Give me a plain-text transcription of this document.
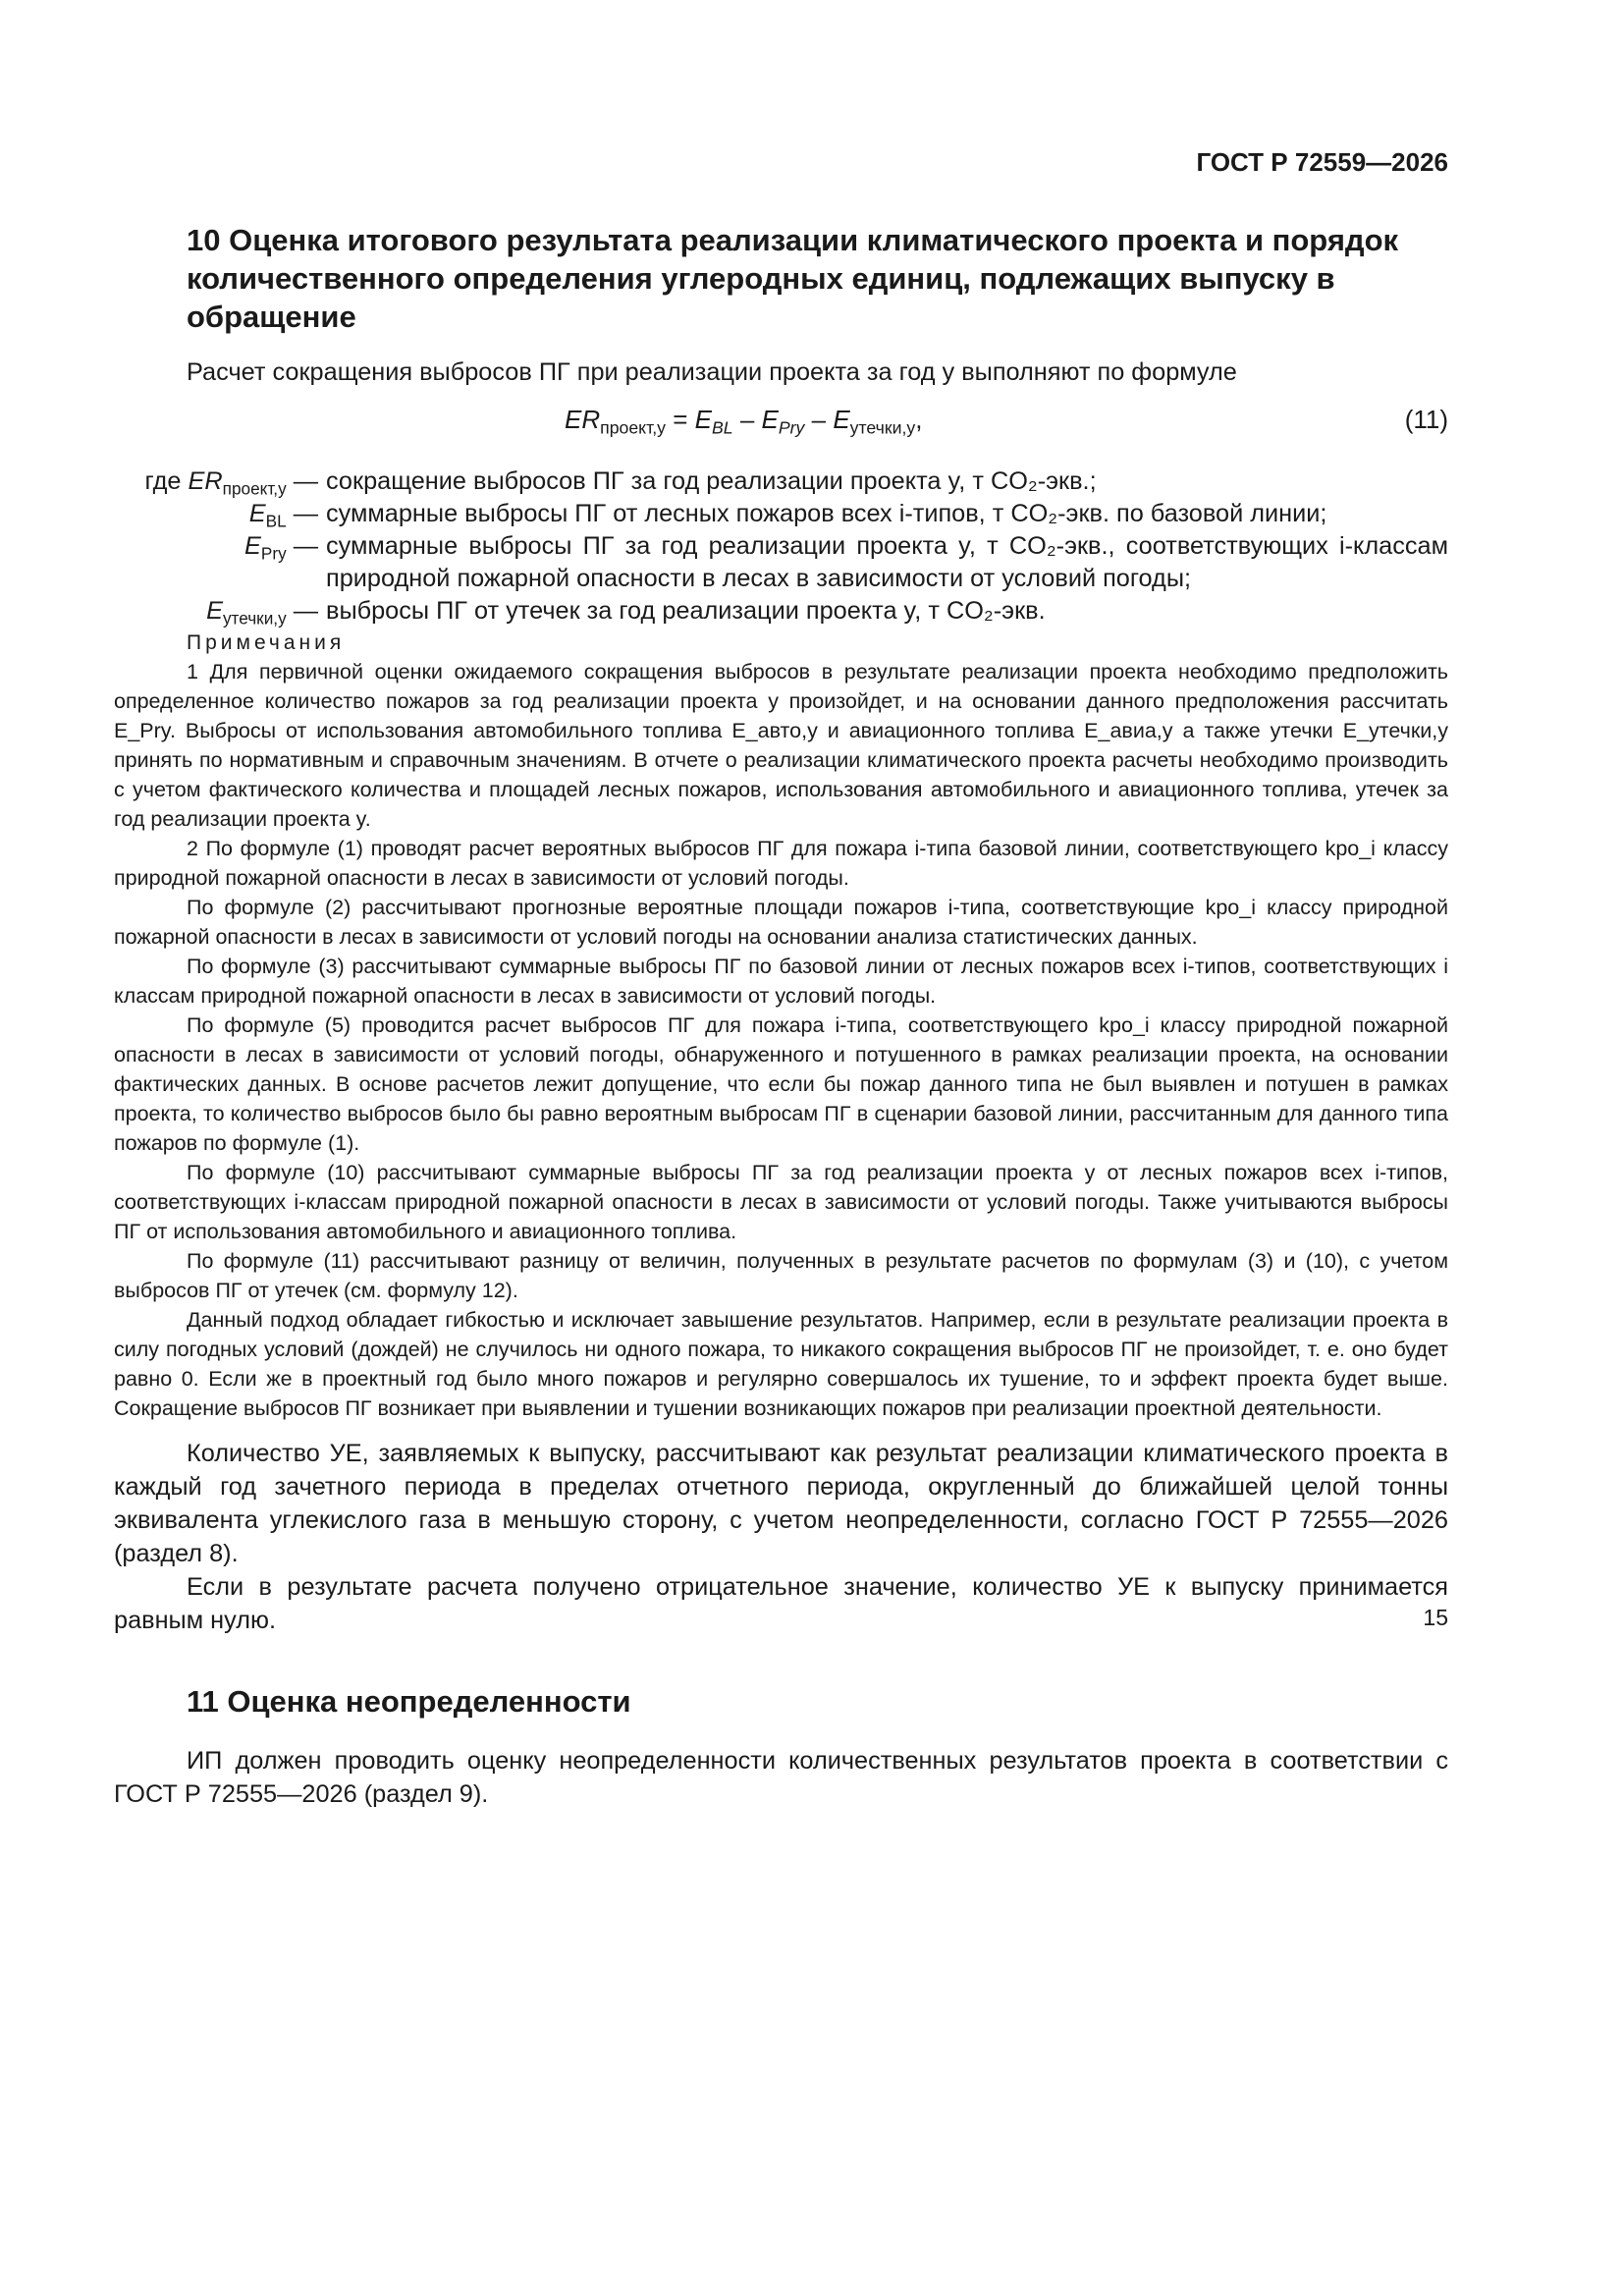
ГОСТ Р 72559—2026
10 Оценка итогового результата реализации климатического проекта и порядок количественного определения углеродных единиц, подлежащих выпуску в обращение

Расчет сокращения выбросов ПГ при реализации проекта за год y выполняют по формуле

$ER_{проект,y} = E_{BL} - E_{Pry} - E_{утечки,y}$,	(11)
где $ER_{проект,y}$ — сокращение выбросов ПГ за год реализации проекта y, т CO₂-экв.;
$E_{BL}$ — суммарные выбросы ПГ от лесных пожаров всех i-типов, т CO₂-экв. по базовой линии;
$E_{Pry}$ — суммарные выбросы ПГ за год реализации проекта y, т CO₂-экв., соответствующих i-классам природной пожарной опасности в лесах в зависимости от условий погоды;
$E_{утечки,y}$ — выбросы ПГ от утечек за год реализации проекта y, т CO₂-экв.
Примечания

1 Для первичной оценки ожидаемого сокращения выбросов в результате реализации проекта необходимо предположить определенное количество пожаров за год реализации проекта у произойдет, и на основании данного предположения рассчитать E_Pry. Выбросы от использования автомобильного топлива E_авто,y и авиационного топлива E_авиа,y а также утечки E_утечки,y принять по нормативным и справочным значениям. В отчете о реализации климатического проекта расчеты необходимо производить с учетом фактического количества и площадей лесных пожаров, использования автомобильного и авиационного топлива, утечек за год реализации проекта y.

2 По формуле (1) проводят расчет вероятных выбросов ПГ для пожара i-типа базовой линии, соответствующего kpo_i классу природной пожарной опасности в лесах в зависимости от условий погоды.

По формуле (2) рассчитывают прогнозные вероятные площади пожаров i-типа, соответствующие kpo_i классу природной пожарной опасности в лесах в зависимости от условий погоды на основании анализа статистических данных.

По формуле (3) рассчитывают суммарные выбросы ПГ по базовой линии от лесных пожаров всех i-типов, соответствующих i классам природной пожарной опасности в лесах в зависимости от условий погоды.

По формуле (5) проводится расчет выбросов ПГ для пожара i-типа, соответствующего kpo_i классу природной пожарной опасности в лесах в зависимости от условий погоды, обнаруженного и потушенного в рамках реализации проекта, на основании фактических данных. В основе расчетов лежит допущение, что если бы пожар данного типа не был выявлен и потушен в рамках проекта, то количество выбросов было бы равно вероятным выбросам ПГ в сценарии базовой линии, рассчитанным для данного типа пожаров по формуле (1).

По формуле (10) рассчитывают суммарные выбросы ПГ за год реализации проекта y от лесных пожаров всех i-типов, соответствующих i-классам природной пожарной опасности в лесах в зависимости от условий погоды. Также учитываются выбросы ПГ от использования автомобильного и авиационного топлива.

По формуле (11) рассчитывают разницу от величин, полученных в результате расчетов по формулам (3) и (10), с учетом выбросов ПГ от утечек (см. формулу 12).

Данный подход обладает гибкостью и исключает завышение результатов. Например, если в результате реализации проекта в силу погодных условий (дождей) не случилось ни одного пожара, то никакого сокращения выбросов ПГ не произойдет, т. е. оно будет равно 0. Если же в проектный год было много пожаров и регулярно совершалось их тушение, то и эффект проекта будет выше. Сокращение выбросов ПГ возникает при выявлении и тушении возникающих пожаров при реализации проектной деятельности.

Количество УЕ, заявляемых к выпуску, рассчитывают как результат реализации климатического проекта в каждый год зачетного периода в пределах отчетного периода, округленный до ближайшей целой тонны эквивалента углекислого газа в меньшую сторону, с учетом неопределенности, согласно ГОСТ Р 72555—2026 (раздел 8).

Если в результате расчета получено отрицательное значение, количество УЕ к выпуску принимается равным нулю.

11 Оценка неопределенности

ИП должен проводить оценку неопределенности количественных результатов проекта в соответствии с ГОСТ Р 72555—2026 (раздел 9).

15
